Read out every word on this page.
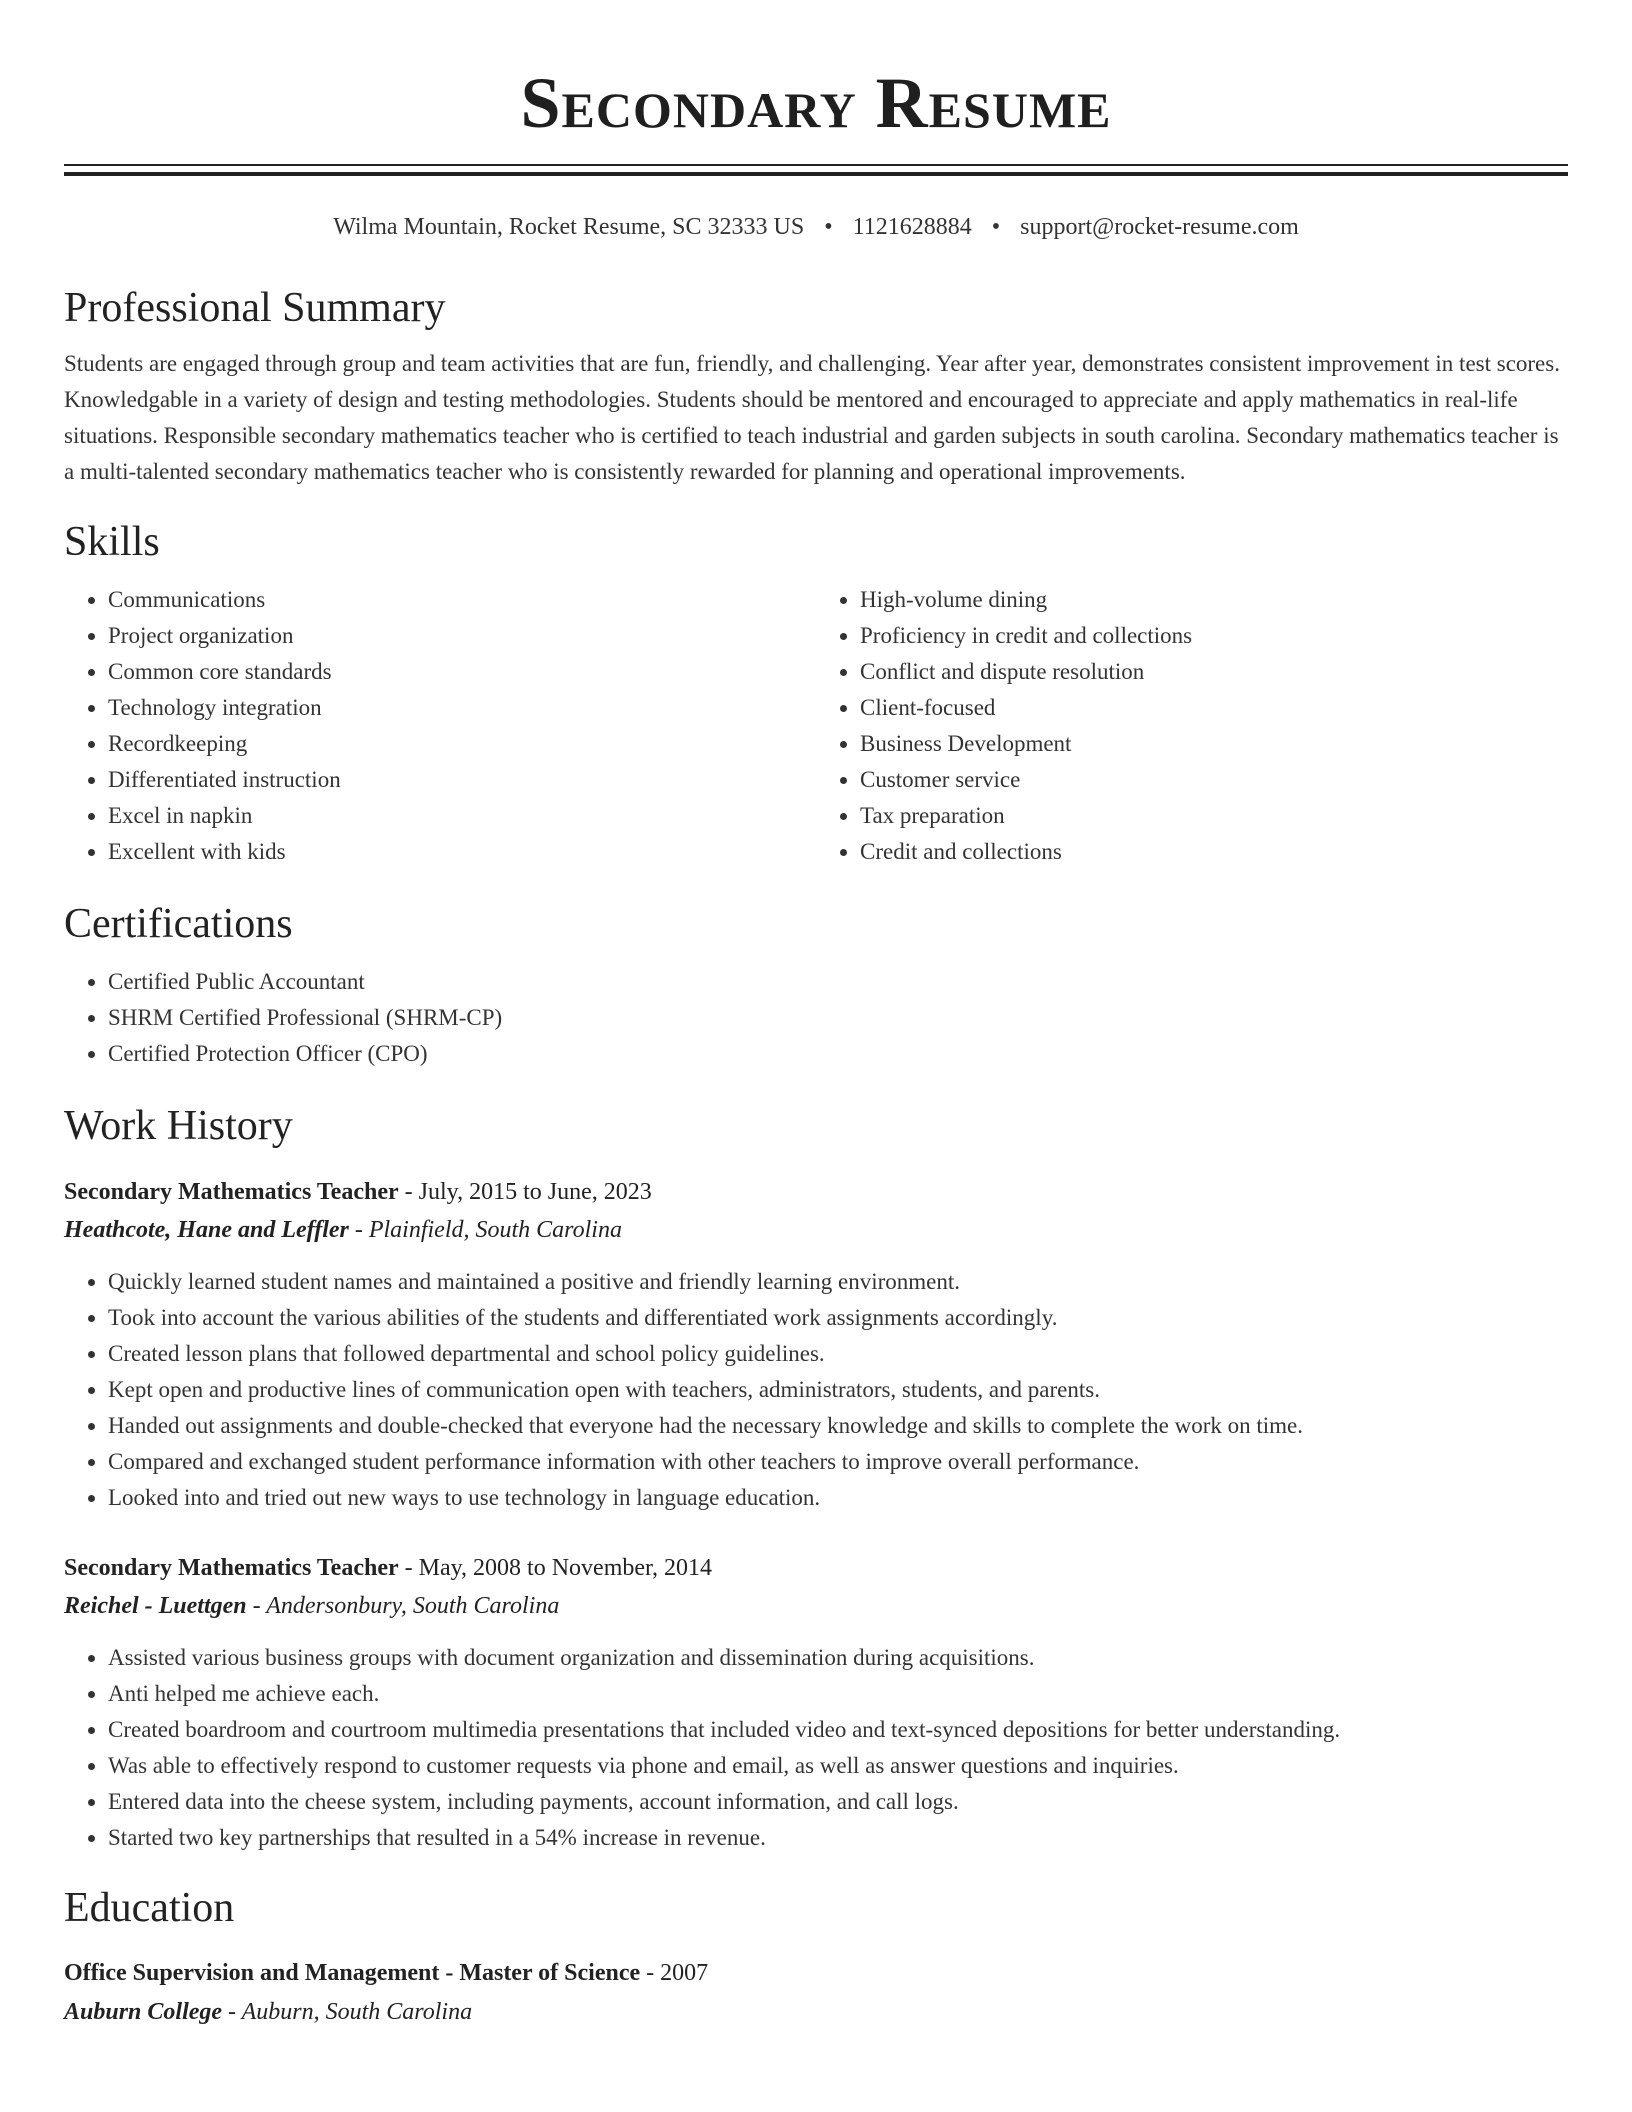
Secondary Resume
Wilma Mountain, Rocket Resume, SC 32333 US • 1121628884 • support@rocket-resume.com
Professional Summary

Students are engaged through group and team activities that are fun, friendly, and challenging. Year after year, demonstrates consistent improvement in test scores. Knowledgable in a variety of design and testing methodologies. Students should be mentored and encouraged to appreciate and apply mathematics in real-life situations. Responsible secondary mathematics teacher who is certified to teach industrial and garden subjects in south carolina. Secondary mathematics teacher is a multi-talented secondary mathematics teacher who is consistently rewarded for planning and operational improvements.

Skills
• Communications
• Project organization
• Common core standards
• Technology integration
• Recordkeeping
• Differentiated instruction
• Excel in napkin
• Excellent with kids
• High-volume dining
• Proficiency in credit and collections
• Conflict and dispute resolution
• Client-focused
• Business Development
• Customer service
• Tax preparation
• Credit and collections
Certifications
• Certified Public Accountant
• SHRM Certified Professional (SHRM-CP)
• Certified Protection Officer (CPO)
Work History
Secondary Mathematics Teacher - July, 2015 to June, 2023
Heathcote, Hane and Leffler - Plainfield, South Carolina
• Quickly learned student names and maintained a positive and friendly learning environment.
• Took into account the various abilities of the students and differentiated work assignments accordingly.
• Created lesson plans that followed departmental and school policy guidelines.
• Kept open and productive lines of communication open with teachers, administrators, students, and parents.
• Handed out assignments and double-checked that everyone had the necessary knowledge and skills to complete the work on time.
• Compared and exchanged student performance information with other teachers to improve overall performance.
• Looked into and tried out new ways to use technology in language education.
Secondary Mathematics Teacher - May, 2008 to November, 2014
Reichel - Luettgen - Andersonbury, South Carolina
• Assisted various business groups with document organization and dissemination during acquisitions.
• Anti helped me achieve each.
• Created boardroom and courtroom multimedia presentations that included video and text-synced depositions for better understanding.
• Was able to effectively respond to customer requests via phone and email, as well as answer questions and inquiries.
• Entered data into the cheese system, including payments, account information, and call logs.
• Started two key partnerships that resulted in a 54% increase in revenue.
Education
Office Supervision and Management - Master of Science - 2007
Auburn College - Auburn, South Carolina
